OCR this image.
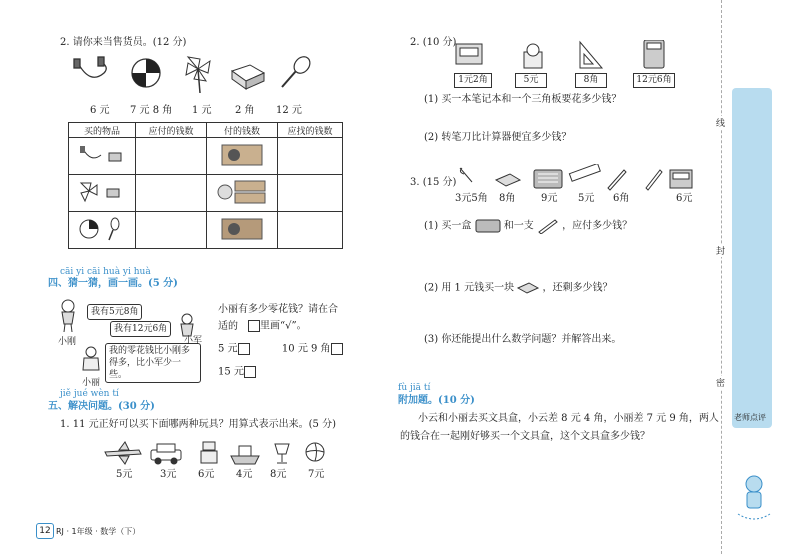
2. 请你来当售货员。(12 分)
6 元 7 元 8 角 1 元 2 角 12 元
买的物品	应付的钱数	付的钱数	应找的钱数

cāi yi cāi huà yi huà
四、猜一猜，画一画。(5 分)
我有5元8角
我有12元6角
我的零花钱比小刚多得多，比小军少一些。
小刚	小军
小丽
小丽有多少零花钱？请在合适的	里画“√”。
5 元	10 元 9 角
15 元
jiě jué wèn tí
五、解决问题。(30 分)
1. 11 元正好可以买下面哪两种玩具？用算式表示出来。(5 分)
5元	3元 6元 4元 8元 7元
12 RJ · 1年级 · 数学（下）
2. (10 分)
1元2角	5元	8角	12元6角
(1) 买一本笔记本和一个三角板要花多少钱？
(2) 转笔刀比计算器便宜多少钱？
3. (15 分)
3元5角 8角	9元 5元 6角	6元
(1) 买一盒	和一支	，应付多少钱？
(2) 用 1 元钱买一块	，还剩多少钱？
(3) 你还能提出什么数学问题？并解答出来。
fù jiā tí
附加题。(10 分)
小云和小丽去买文具盒，小云差 8 元 4 角，小丽差 7 元 9 角，两人
的钱合在一起刚好够买一个文具盒，这个文具盒多少钱？
线
封
密
老师点评
